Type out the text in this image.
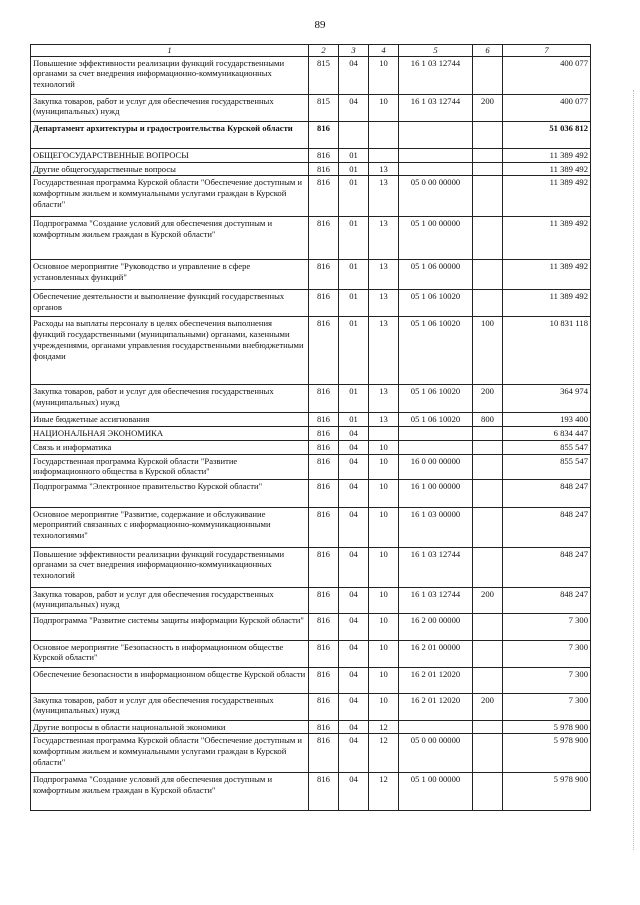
89
1	2	3	4	5	6	7
Повышение эффективности реализации функций государственными органами за счет внедрения информационно-коммуникационных технологий	815	04	10	16 1 03 12744		400 077
Закупка товаров, работ и услуг для обеспечения государственных (муниципальных) нужд	815	04	10	16 1 03 12744	200	400 077
Департамент архитектуры и градостроительства Курской области	816					51 036 812
ОБЩЕГОСУДАРСТВЕННЫЕ ВОПРОСЫ	816	01				11 389 492
Другие общегосударственные вопросы	816	01	13			11 389 492
Государственная программа Курской области "Обеспечение доступным и комфортным жильем и коммунальными услугами граждан в Курской области"	816	01	13	05 0 00 00000		11 389 492
Подпрограмма "Создание условий для обеспечения доступным и комфортным жильем граждан в Курской области"	816	01	13	05 1 00 00000		11 389 492
Основное мероприятие "Руководство и управление в сфере установленных функций"	816	01	13	05 1 06 00000		11 389 492
Обеспечение деятельности и выполнение функций государственных органов	816	01	13	05 1 06 10020		11 389 492
Расходы на выплаты персоналу в целях обеспечения выполнения функций государственными (муниципальными) органами, казенными учреждениями, органами управления государственными внебюджетными фондами	816	01	13	05 1 06 10020	100	10 831 118
Закупка товаров, работ и услуг для обеспечения государственных (муниципальных) нужд	816	01	13	05 1 06 10020	200	364 974
Иные бюджетные ассигнования	816	01	13	05 1 06 10020	800	193 400
НАЦИОНАЛЬНАЯ ЭКОНОМИКА	816	04				6 834 447
Связь и информатика	816	04	10			855 547
Государственная программа Курской области "Развитие информационного общества в Курской области"	816	04	10	16 0 00 00000		855 547
Подпрограмма "Электронное правительство Курской области"	816	04	10	16 1 00 00000		848 247
Основное мероприятие "Развитие, содержание и обслуживание мероприятий связанных с информационно-коммуникационными технологиями"	816	04	10	16 1 03 00000		848 247
Повышение эффективности реализации функций государственными органами за счет внедрения информационно-коммуникационных технологий	816	04	10	16 1 03 12744		848 247
Закупка товаров, работ и услуг для обеспечения государственных (муниципальных) нужд	816	04	10	16 1 03 12744	200	848 247
Подпрограмма "Развитие системы защиты информации Курской области"	816	04	10	16 2 00 00000		7 300
Основное мероприятие "Безопасность в информационном обществе Курской области"	816	04	10	16 2 01 00000		7 300
Обеспечение безопасности в информационном обществе Курской области	816	04	10	16 2 01 12020		7 300
Закупка товаров, работ и услуг для обеспечения государственных (муниципальных) нужд	816	04	10	16 2 01 12020	200	7 300
Другие вопросы в области национальной экономики	816	04	12			5 978 900
Государственная программа Курской области "Обеспечение доступным и комфортным жильем и коммунальными услугами граждан в Курской области"	816	04	12	05 0 00 00000		5 978 900
Подпрограмма "Создание условий для обеспечения доступным и комфортным жильем граждан в Курской области"	816	04	12	05 1 00 00000		5 978 900
